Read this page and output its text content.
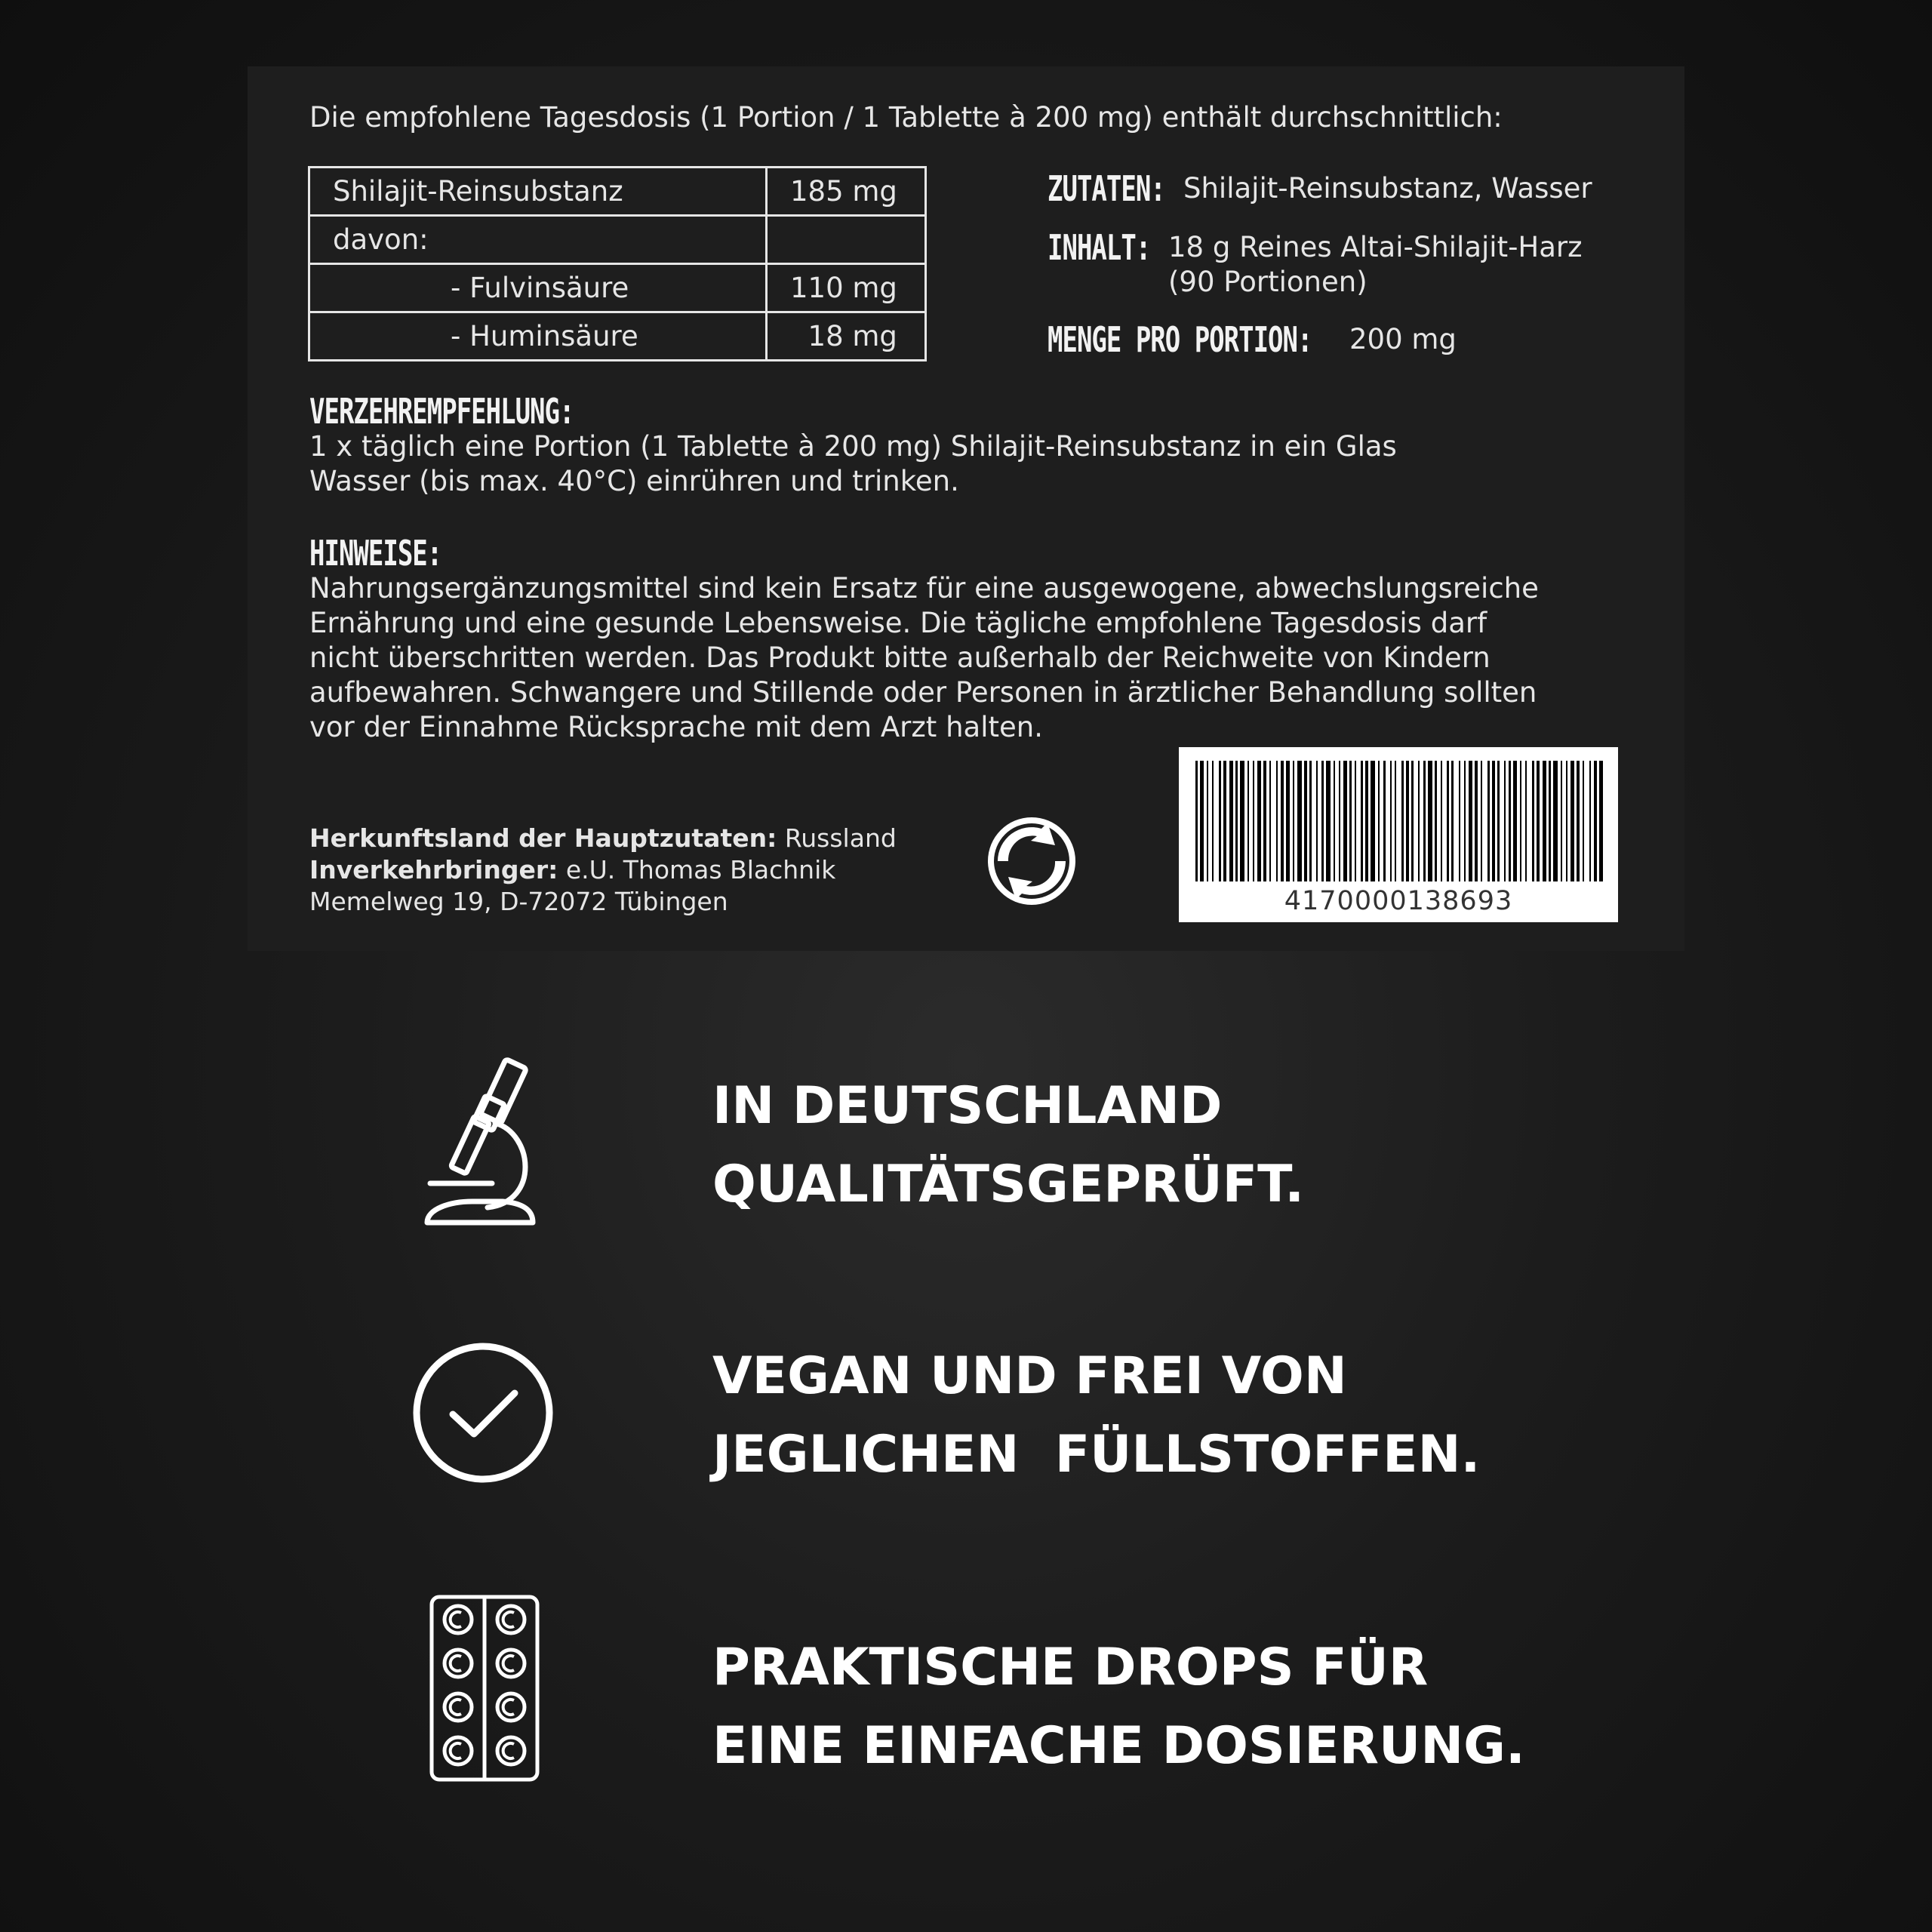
Die empfohlene Tagesdosis (1 Portion / 1 Tablette à 200 mg) enthält durchschnittlich:
Shilajit-Reinsubstanz	185 mg
davon:	
- Fulvinsäure	110 mg
- Huminsäure	18 mg
ZUTATEN: Shilajit-Reinsubstanz, Wasser
INHALT: 18 g Reines Altai-Shilajit-Harz
(90 Portionen)
MENGE PRO PORTION: 200 mg
VERZEHREMPFEHLUNG:

1 x täglich eine Portion (1 Tablette à 200 mg) Shilajit-Reinsubstanz in ein Glas

Wasser (bis max. 40°C) einrühren und trinken.

HINWEISE:

Nahrungsergänzungsmittel sind kein Ersatz für eine ausgewogene, abwechslungsreiche

Ernährung und eine gesunde Lebensweise. Die tägliche empfohlene Tagesdosis darf

nicht überschritten werden. Das Produkt bitte außerhalb der Reichweite von Kindern

aufbewahren. Schwangere und Stillende oder Personen in ärztlicher Behandlung sollten

vor der Einnahme Rücksprache mit dem Arzt halten.

Herkunftsland der Hauptzutaten: Russland
Inverkehrbringer: e.U. Thomas Blachnik
Memelweg 19, D-72072 Tübingen	4170000138693
IN DEUTSCHLAND
QUALITÄTSGEPRÜFT.
VEGAN UND FREI VON
JEGLICHEN  FÜLLSTOFFEN.
PRAKTISCHE DROPS FÜR
EINE EINFACHE DOSIERUNG.
